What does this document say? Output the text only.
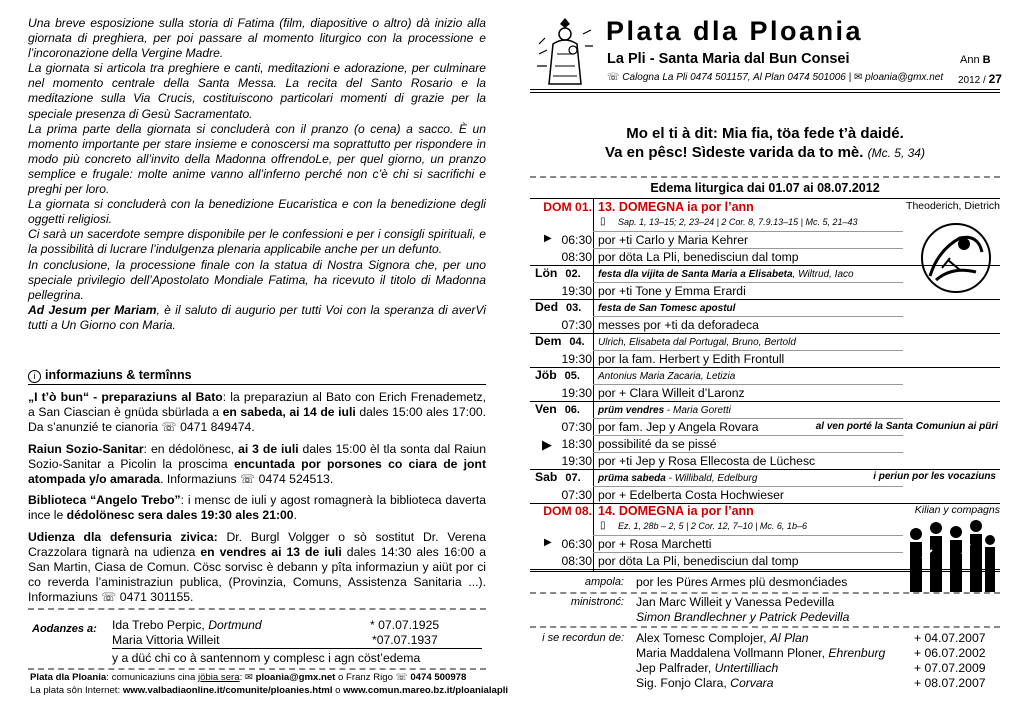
Una breve esposizione sulla storia di Fatima (film, diapositive o altro) dà inizio alla giornata di preghiera, per poi passare al momento liturgico con la processione e l’incoronazione della Vergine Madre.

La giornata si articola tra preghiere e canti, meditazioni e adorazione, per culminare nel momento centrale della Santa Messa. La recita del Santo Rosario e la meditazione sulla Via Crucis, costituiscono particolari momenti di grazie per la speciale presenza di Gesù Sacramentato.

La prima parte della giornata si concluderà con il pranzo (o cena) a sacco. È un momento importante per stare insieme e conoscersi ma soprattutto per rispondere in modo più concreto all’invito della Madonna offrendoLe, per quel giorno, un pranzo semplice e frugale: molte anime vanno all’inferno perché non c’è chi si sacrifichi e preghi per loro.

La giornata si concluderà con la benedizione Eucaristica e con la benedizione degli oggetti religiosi.

Ci sarà un sacerdote sempre disponibile per le confessioni e per i consigli spirituali, e la possibilità di lucrare l’indulgenza plenaria applicabile anche per un defunto.

In conclusione, la processione finale con la statua di Nostra Signora che, per uno speciale privilegio dell’Apostolato Mondiale Fatima, ha ricevuto il titolo di Madonna pellegrina.

Ad Jesum per Mariam, è il saluto di augurio per tutti Voi con la speranza di averVi tutti a Un Giorno con Maria.

i informaziuns & termînns

„I t’ò bun“ - preparaziuns al Bato: la preparaziun al Bato con Erich Frenademetz, a San Ciascian è gnüda sbürlada a en sabeda, ai 14 de iuli dales 15:00 ales 17:00. Da s’anunzié te cianoria ☏ 0471 849474.

Raiun Sozio-Sanitar: en dédolönesc, ai 3 de iuli dales 15:00 èl tla sonta dal Raiun Sozio-Sanitar a Picolin la proscima encuntada por porsones co ciara de jont atompada y/o amarada. Informaziuns ☏ 0474 524513.

Biblioteca “Angelo Trebo”: i mensc de iuli y agost romagnerà la biblioteca daverta ince le dédolönesc sera dales 19:30 ales 21:00.

Udienza dla defensuria zivica: Dr. Burgl Volgger o sò sostitut Dr. Verena Crazzolara tignarà na udienza en vendres ai 13 de iuli dales 14:30 ales 16:00 a San Martin, Ciasa de Comun. Cösc sorvisc è debann y pîta informaziun y aiüt por ci co reverda l’aministraziun publica, (Provinzia, Comuns, Assistenza Sanitaria ...). Informaziuns ☏ 0471 301155.

Aodanzes a: Ida Trebo Perpic, Dortmund	* 07.07.1925
Maria Vittoria Willeit	*07.07.1937
y a düć chi co à santennom y complesc i agn cöst’edema
Plata dla Ploania: comunicaziuns cina jöbia sera: ✉ ploania@gmx.net o Franz Rigo ☏ 0474 500978
La plata sôn Internet: www.valbadiaonline.it/comunite/ploanies.html o www.comun.mareo.bz.it/ploanialapli
Plata dla Ploania
La Pli - Santa Maria dal Bun Consei	Ann B
☏ Calogna La Pli 0474 501157, Al Plan 0474 501006 | ✉ ploania@gmx.net 2012 / 27
Mo el ti à dit: Mia fia, töa fede t’à daidé.
Va en pêsc! Sìdeste varida da to mè. (Mc. 5, 34)
Edema liturgica dai 01.07 ai 08.07.2012
DOM 01. 13. DOMEGNA ia por l’ann	Theoderich, Dietrich
▯ Sap. 1, 13–15; 2, 23–24 | 2 Cor. 8, 7.9.13–15 | Mc. 5, 21–43
▶ 06:30 por +ti Carlo y Maria Kehrer
08:30 por döta La Pli, benedisciun dal tomp
Lön 02.	festa dla vijita de Santa Maria a Elisabeta, Wiltrud, Iaco
19:30 por +ti Tone y Emma Erardi
Ded 03.	festa de San Tomesc apostul
07:30 messes por +ti da deforadeca
Dem 04.	Ulrich, Elisabeta dal Portugal, Bruno, Bertold
19:30 por la fam. Herbert y Edith Frontull
Jöb 05.	Antonius Maria Zacaria, Letizia
19:30 por + Clara Willeit d’Laronz
Ven 06.	prüm vendres - Maria Goretti
07:30 por fam. Jep y Angela Rovara	al ven porté la Santa Comuniun ai püri
▶ 18:30 possibilité da se pissé
19:30 por +ti Jep y Rosa Ellecosta de Lüchesc
Sab 07.	prüma sabeda - Willibald, Edelburg	i periun por les vocaziuns
07:30 por + Edelberta Costa Hochwieser
DOM 08. 14. DOMEGNA ia por l’ann	Kilian y compagns
▯ Ez. 1, 28b – 2, 5 | 2 Cor. 12, 7–10 | Mc. 6, 1b–6
▶ 06:30 por + Rosa Marchetti
08:30 por döta La Pli, benedisciun dal tomp
ampola: por les Püres Armes plü desmonćiades
ministronć: Jan Marc Willeit y Vanessa Pedevilla
Simon Brandlechner y Patrick Pedevilla
i se recordun de: Alex Tomesc Complojer, Al Plan	+ 04.07.2007
Maria Maddalena Vollmann Ploner, Ehrenburg + 06.07.2002
Jep Palfrader, Untertilliach	+ 07.07.2009
Sig. Fonjo Clara, Corvara	+ 08.07.2007
